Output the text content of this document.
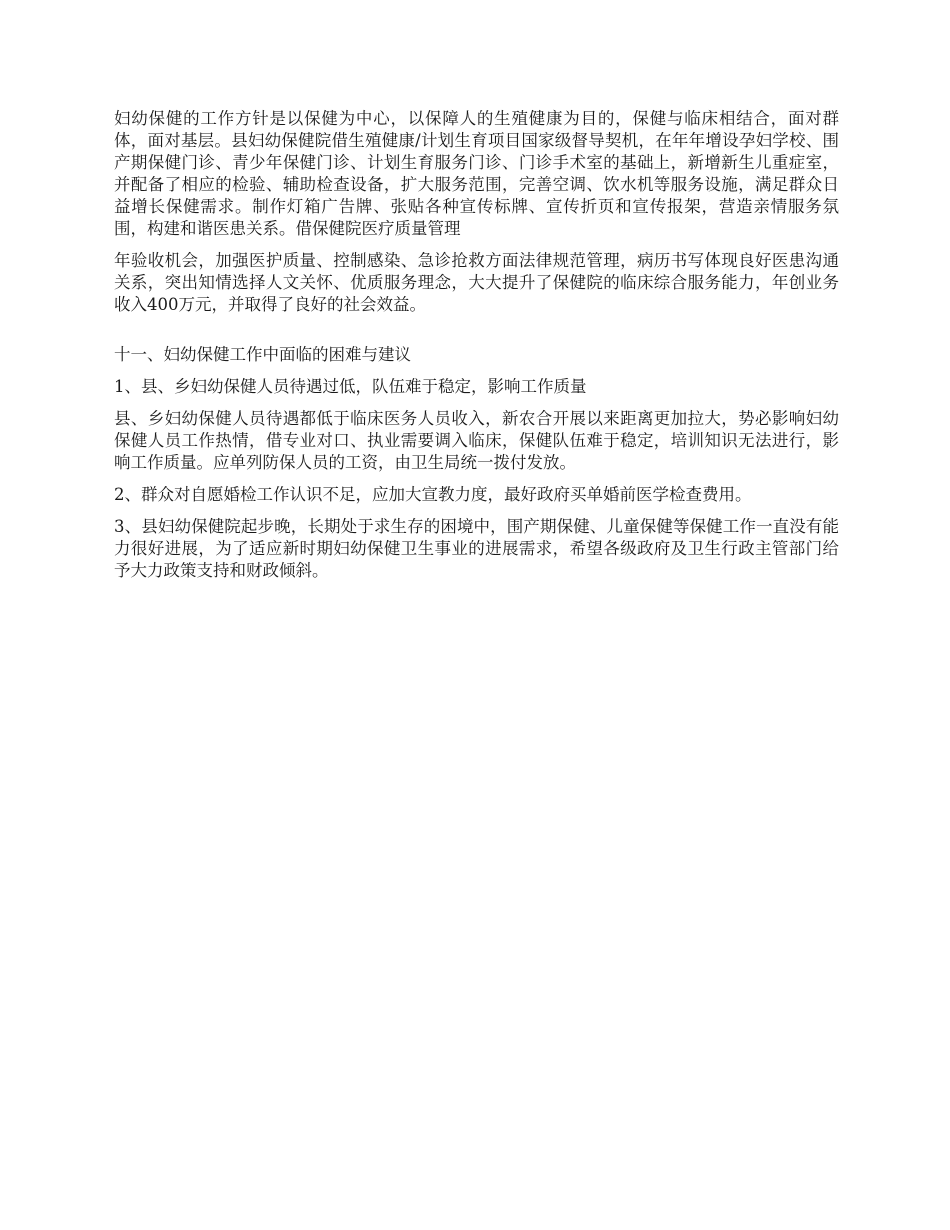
妇幼保健的工作方针是以保健为中心，以保障人的生殖健康为目的，保健与临床相结合，面对群体，面对基层。县妇幼保健院借生殖健康/计划生育项目国家级督导契机，在年年增设孕妇学校、围产期保健门诊、青少年保健门诊、计划生育服务门诊、门诊手术室的基础上，新增新生儿重症室，并配备了相应的检验、辅助检查设备，扩大服务范围，完善空调、饮水机等服务设施，满足群众日益增长保健需求。制作灯箱广告牌、张贴各种宣传标牌、宣传折页和宣传报架，营造亲情服务氛围，构建和谐医患关系。借保健院医疗质量管理

年验收机会，加强医护质量、控制感染、急诊抢救方面法律规范管理，病历书写体现良好医患沟通关系，突出知情选择人文关怀、优质服务理念，大大提升了保健院的临床综合服务能力，年创业务收入400万元，并取得了良好的社会效益。

十一、妇幼保健工作中面临的困难与建议

1、县、乡妇幼保健人员待遇过低，队伍难于稳定，影响工作质量

县、乡妇幼保健人员待遇都低于临床医务人员收入，新农合开展以来距离更加拉大，势必影响妇幼保健人员工作热情，借专业对口、执业需要调入临床，保健队伍难于稳定，培训知识无法进行，影响工作质量。应单列防保人员的工资，由卫生局统一拨付发放。

2、群众对自愿婚检工作认识不足，应加大宣教力度，最好政府买单婚前医学检查费用。

3、县妇幼保健院起步晚，长期处于求生存的困境中，围产期保健、儿童保健等保健工作一直没有能力很好进展，为了适应新时期妇幼保健卫生事业的进展需求，希望各级政府及卫生行政主管部门给予大力政策支持和财政倾斜。
